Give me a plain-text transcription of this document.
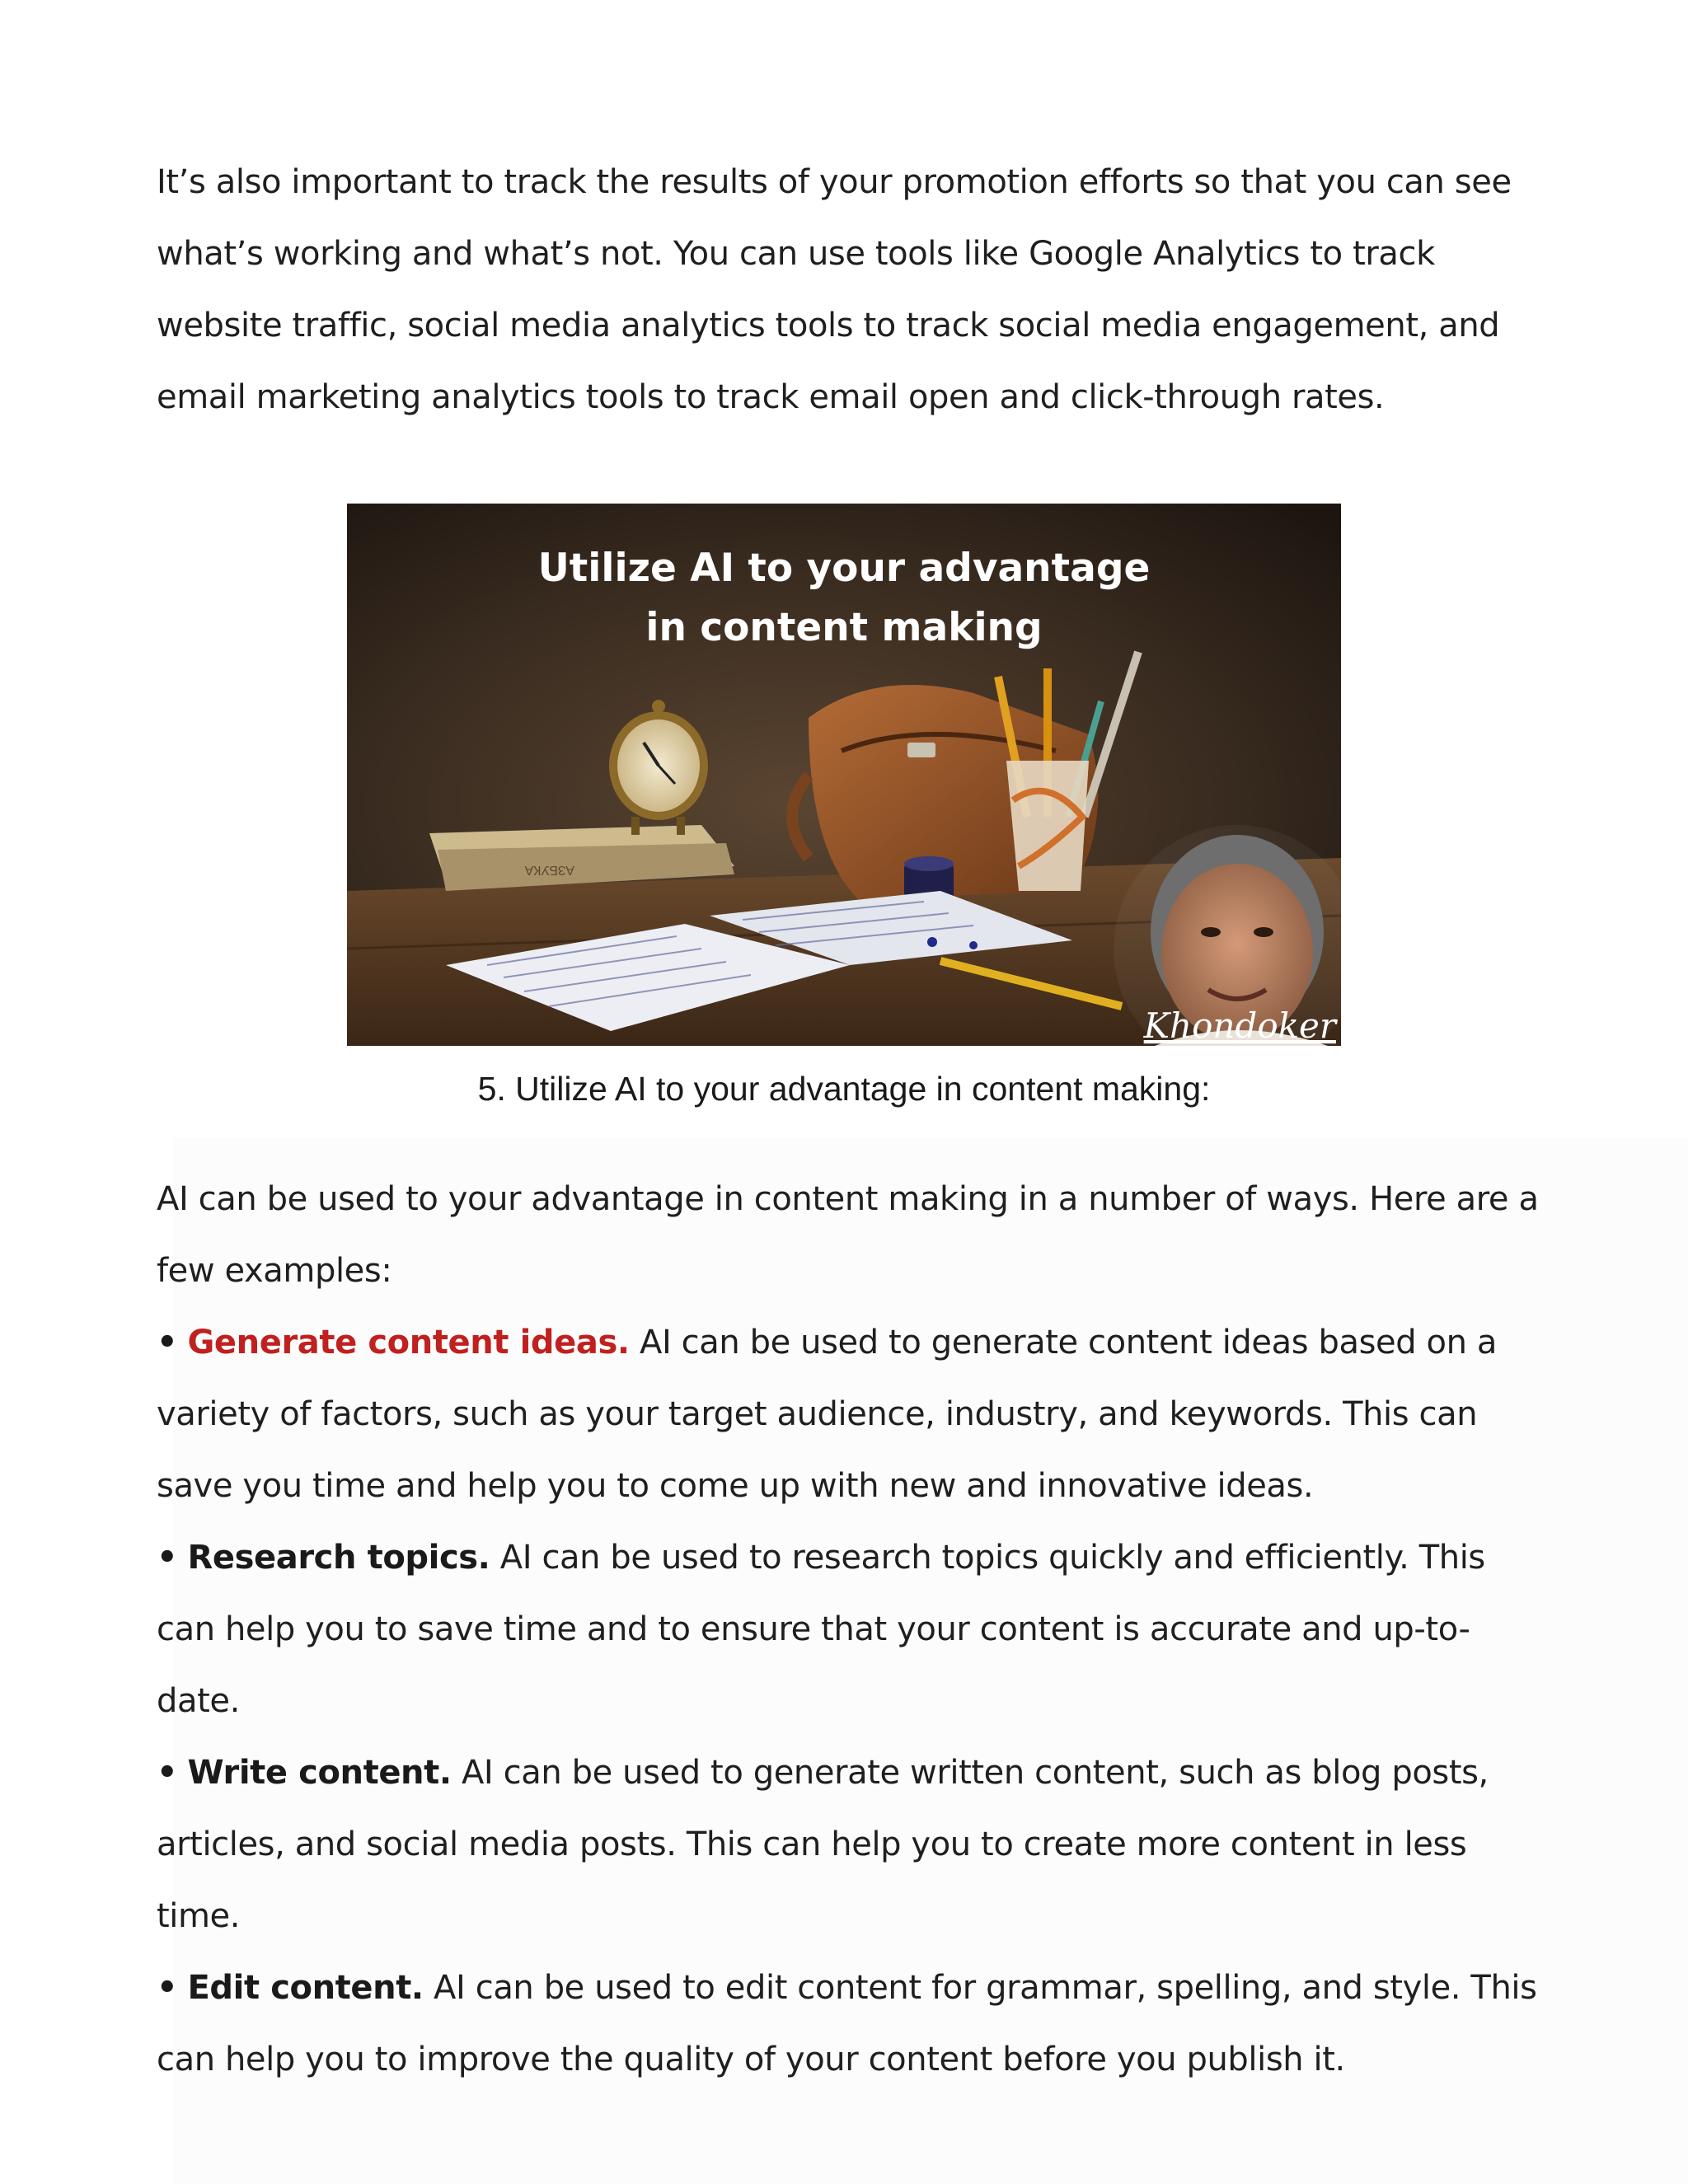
It’s also important to track the results of your promotion efforts so that you can see what’s working and what’s not. You can use tools like Google Analytics to track website traffic, social media analytics tools to track social media engagement, and email marketing analytics tools to track email open and click-through rates.

АЗБУКА
Utilize AI to your advantage
in content making
Khondoker
5. Utilize AI to your advantage in content making:
AI can be used to your advantage in content making in a number of ways. Here are a few examples:
• Generate content ideas. AI can be used to generate content ideas based on a variety of factors, such as your target audience, industry, and keywords. This can save you time and help you to come up with new and innovative ideas.
• Research topics. AI can be used to research topics quickly and efficiently. This can help you to save time and to ensure that your content is accurate and up-to-date.
• Write content. AI can be used to generate written content, such as blog posts, articles, and social media posts. This can help you to create more content in less time.
• Edit content. AI can be used to edit content for grammar, spelling, and style. This can help you to improve the quality of your content before you publish it.
